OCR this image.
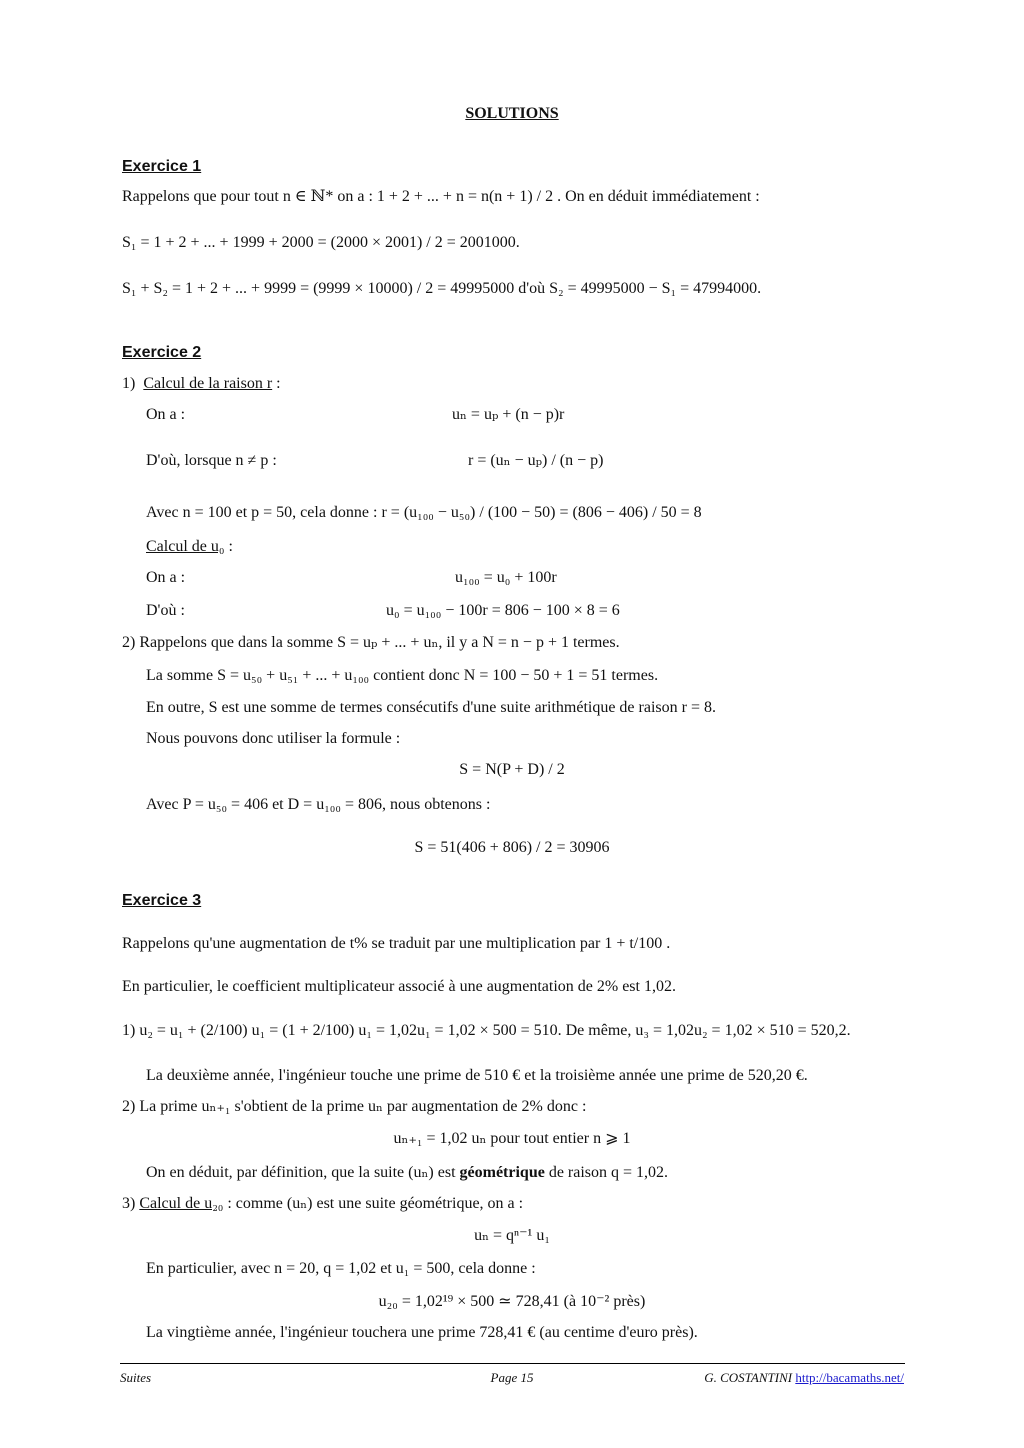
SOLUTIONS
Exercice 1
Rappelons que pour tout n ∈ ℕ* on a : 1 + 2 + ... + n = n(n + 1) / 2 . On en déduit immédiatement :
S₁ = 1 + 2 + ... + 1999 + 2000 = (2000 × 2001) / 2 = 2001000.
S₁ + S₂ = 1 + 2 + ... + 9999 = (9999 × 10000) / 2 = 49995000 d'où S₂ = 49995000 − S₁ = 47994000.
Exercice 2
1) Calcul de la raison r :
On a :	uₙ = uₚ + (n − p)r
D'où, lorsque n ≠ p :	r = (uₙ − uₚ) / (n − p)
Avec n = 100 et p = 50, cela donne : r = (u₁₀₀ − u₅₀) / (100 − 50) = (806 − 406) / 50 = 8
Calcul de u₀ :
On a :	u₁₀₀ = u₀ + 100r
D'où :	u₀ = u₁₀₀ − 100r = 806 − 100 × 8 = 6
2) Rappelons que dans la somme S = uₚ + ... + uₙ, il y a N = n − p + 1 termes.
La somme S = u₅₀ + u₅₁ + ... + u₁₀₀ contient donc N = 100 − 50 + 1 = 51 termes.
En outre, S est une somme de termes consécutifs d'une suite arithmétique de raison r = 8.
Nous pouvons donc utiliser la formule :
S = N(P + D) / 2
Avec P = u₅₀ = 406 et D = u₁₀₀ = 806, nous obtenons :
S = 51(406 + 806) / 2 = 30906
Exercice 3
Rappelons qu'une augmentation de t% se traduit par une multiplication par 1 + t/100 .
En particulier, le coefficient multiplicateur associé à une augmentation de 2% est 1,02.
1) u₂ = u₁ + (2/100) u₁ = (1 + 2/100) u₁ = 1,02u₁ = 1,02 × 500 = 510. De même, u₃ = 1,02u₂ = 1,02 × 510 = 520,2.
La deuxième année, l'ingénieur touche une prime de 510 € et la troisième année une prime de 520,20 €.
2) La prime uₙ₊₁ s'obtient de la prime uₙ par augmentation de 2% donc :
uₙ₊₁ = 1,02 uₙ pour tout entier n ⩾ 1
On en déduit, par définition, que la suite (uₙ) est géométrique de raison q = 1,02.
3) Calcul de u₂₀ : comme (uₙ) est une suite géométrique, on a :
uₙ = qⁿ⁻¹ u₁
En particulier, avec n = 20, q = 1,02 et u₁ = 500, cela donne :
u₂₀ = 1,02¹⁹ × 500 ≃ 728,41 (à 10⁻² près)
La vingtième année, l'ingénieur touchera une prime 728,41 € (au centime d'euro près).
Suites	Page 15	G. COSTANTINI http://bacamaths.net/
